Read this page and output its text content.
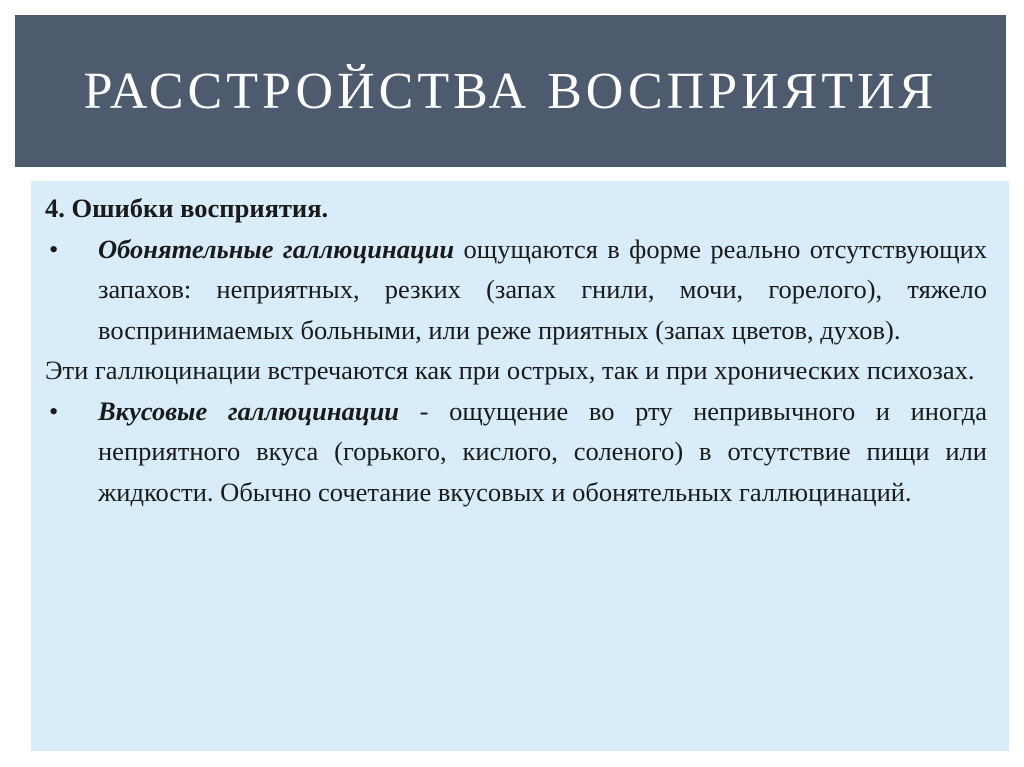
РАССТРОЙСТВА ВОСПРИЯТИЯ

4. Ошибки восприятия.

• Обонятельные галлюцинации ощущаются в форме реально отсутствующих запахов: неприятных, резких (запах гнили, мочи, горелого), тяжело воспринимаемых больными, или реже приятных (запах цветов, духов).

Эти галлюцинации встречаются как при острых, так и при хронических психозах.

• Вкусовые галлюцинации - ощущение во рту непривычного и иногда неприятного вкуса (горького, кислого, соленого) в отсутствие пищи или жидкости. Обычно сочетание вкусовых и обонятельных галлюцинаций.
